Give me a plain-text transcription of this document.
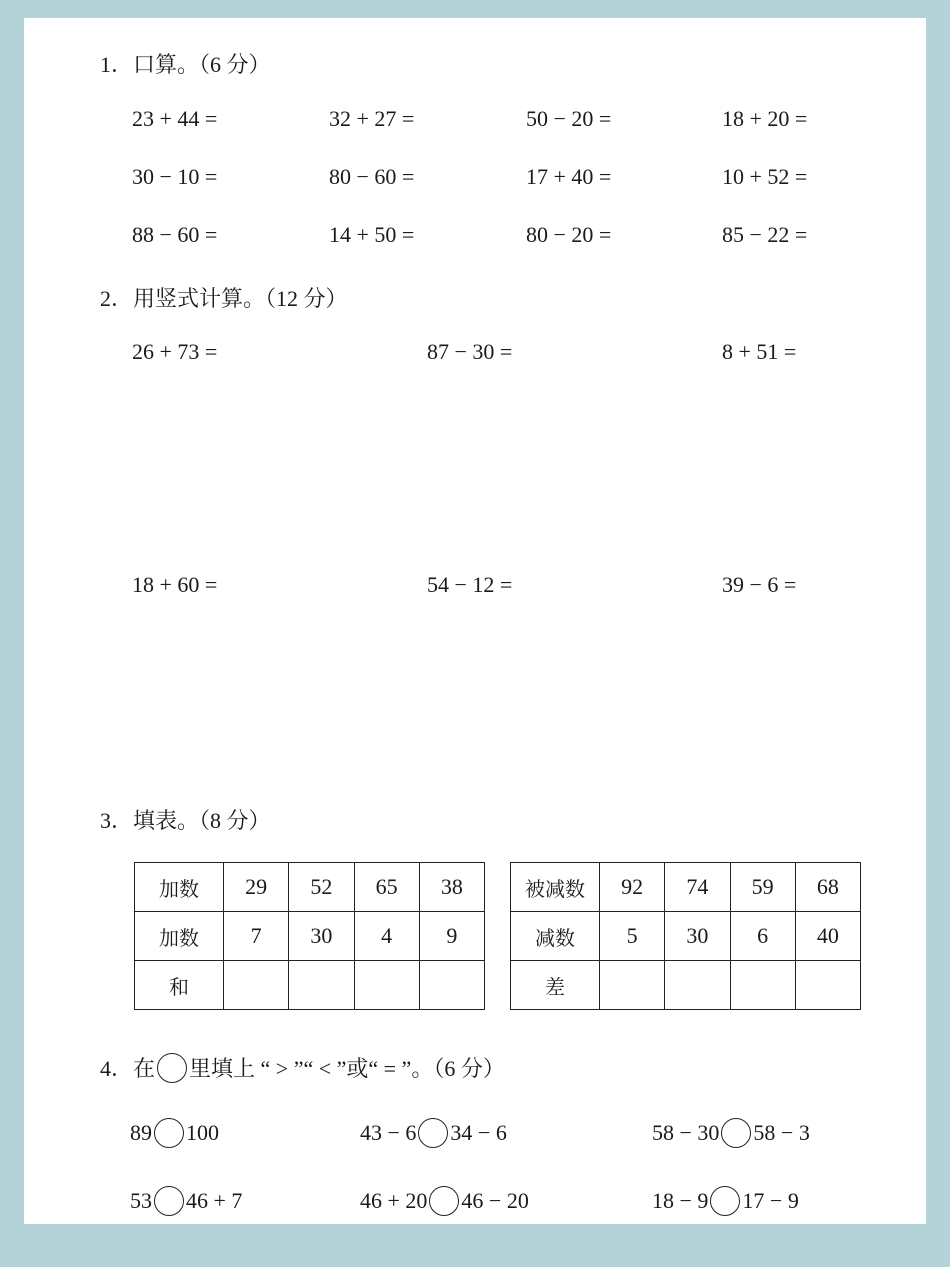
1．口算。（6 分）
23 + 44 =	32 + 27 =	50 − 20 =	18 + 20 =
30 − 10 =	80 − 60 =	17 + 40 =	10 + 52 =
88 − 60 =	14 + 50 =	80 − 20 =	85 − 22 =
2．用竖式计算。（12 分）
26 + 73 =	87 − 30 =	8 + 51 =
18 + 60 =	54 − 12 =	39 − 6 =
3．填表。（8 分）
加数	29	52	65	38
加数	7	30	4	9
和				
被减数	92	74	59	68
减数	5	30	6	40
差				
4．在 里填上 “ > ”“ < ”或“ = ”。（6 分）
89 100	43 − 6 34 − 6	58 − 30 58 − 3
53 46 + 7	46 + 20 46 − 20	18 − 9 17 − 9
